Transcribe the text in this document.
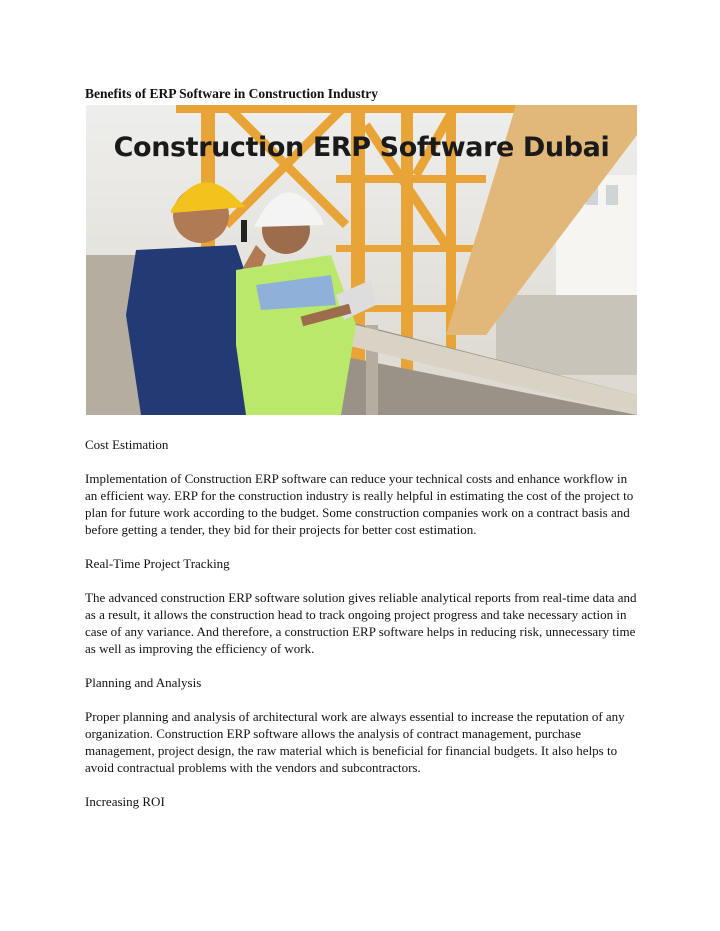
Benefits of ERP Software in Construction Industry

Construction ERP Software Dubai

Cost Estimation

Implementation of Construction ERP software can reduce your technical costs and enhance workflow in an efficient way. ERP for the construction industry is really helpful in estimating the cost of the project to plan for future work according to the budget. Some construction companies work on a contract basis and before getting a tender, they bid for their projects for better cost estimation.

Real-Time Project Tracking

The advanced construction ERP software solution gives reliable analytical reports from real-time data and as a result, it allows the construction head to track ongoing project progress and take necessary action in case of any variance. And therefore, a construction ERP software helps in reducing risk, unnecessary time as well as improving the efficiency of work.

Planning and Analysis

Proper planning and analysis of architectural work are always essential to increase the reputation of any organization. Construction ERP software allows the analysis of contract management, purchase management, project design, the raw material which is beneficial for financial budgets. It also helps to avoid contractual problems with the vendors and subcontractors.

Increasing ROI
